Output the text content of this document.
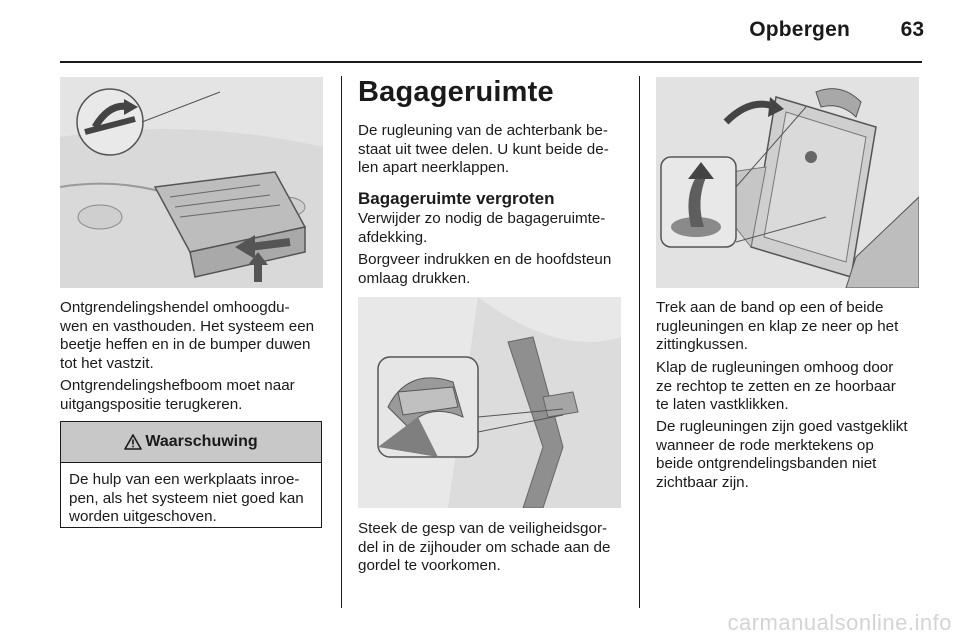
Opbergen	63

Ontgrendelingshendel omhoogdu-
wen en vasthouden. Het systeem een
beetje heffen en in de bumper duwen
tot het vastzit.

Ontgrendelingshefboom moet naar
uitgangspositie terugkeren.

Waarschuwing
De hulp van een werkplaats inroe-
pen, als het systeem niet goed kan
worden uitgeschoven.
Bagageruimte

De rugleuning van de achterbank be-
staat uit twee delen. U kunt beide de-
len apart neerklappen.

Bagageruimte vergroten

Verwijder zo nodig de bagageruimte-
afdekking.

Borgveer indrukken en de hoofdsteun
omlaag drukken.

Steek de gesp van de veiligheidsgor-
del in de zijhouder om schade aan de
gordel te voorkomen.

Trek aan de band op een of beide
rugleuningen en klap ze neer op het
zittingkussen.

Klap de rugleuningen omhoog door
ze rechtop te zetten en ze hoorbaar
te laten vastklikken.

De rugleuningen zijn goed vastgeklikt
wanneer de rode merktekens op
beide ontgrendelingsbanden niet
zichtbaar zijn.

carmanualsonline.info
